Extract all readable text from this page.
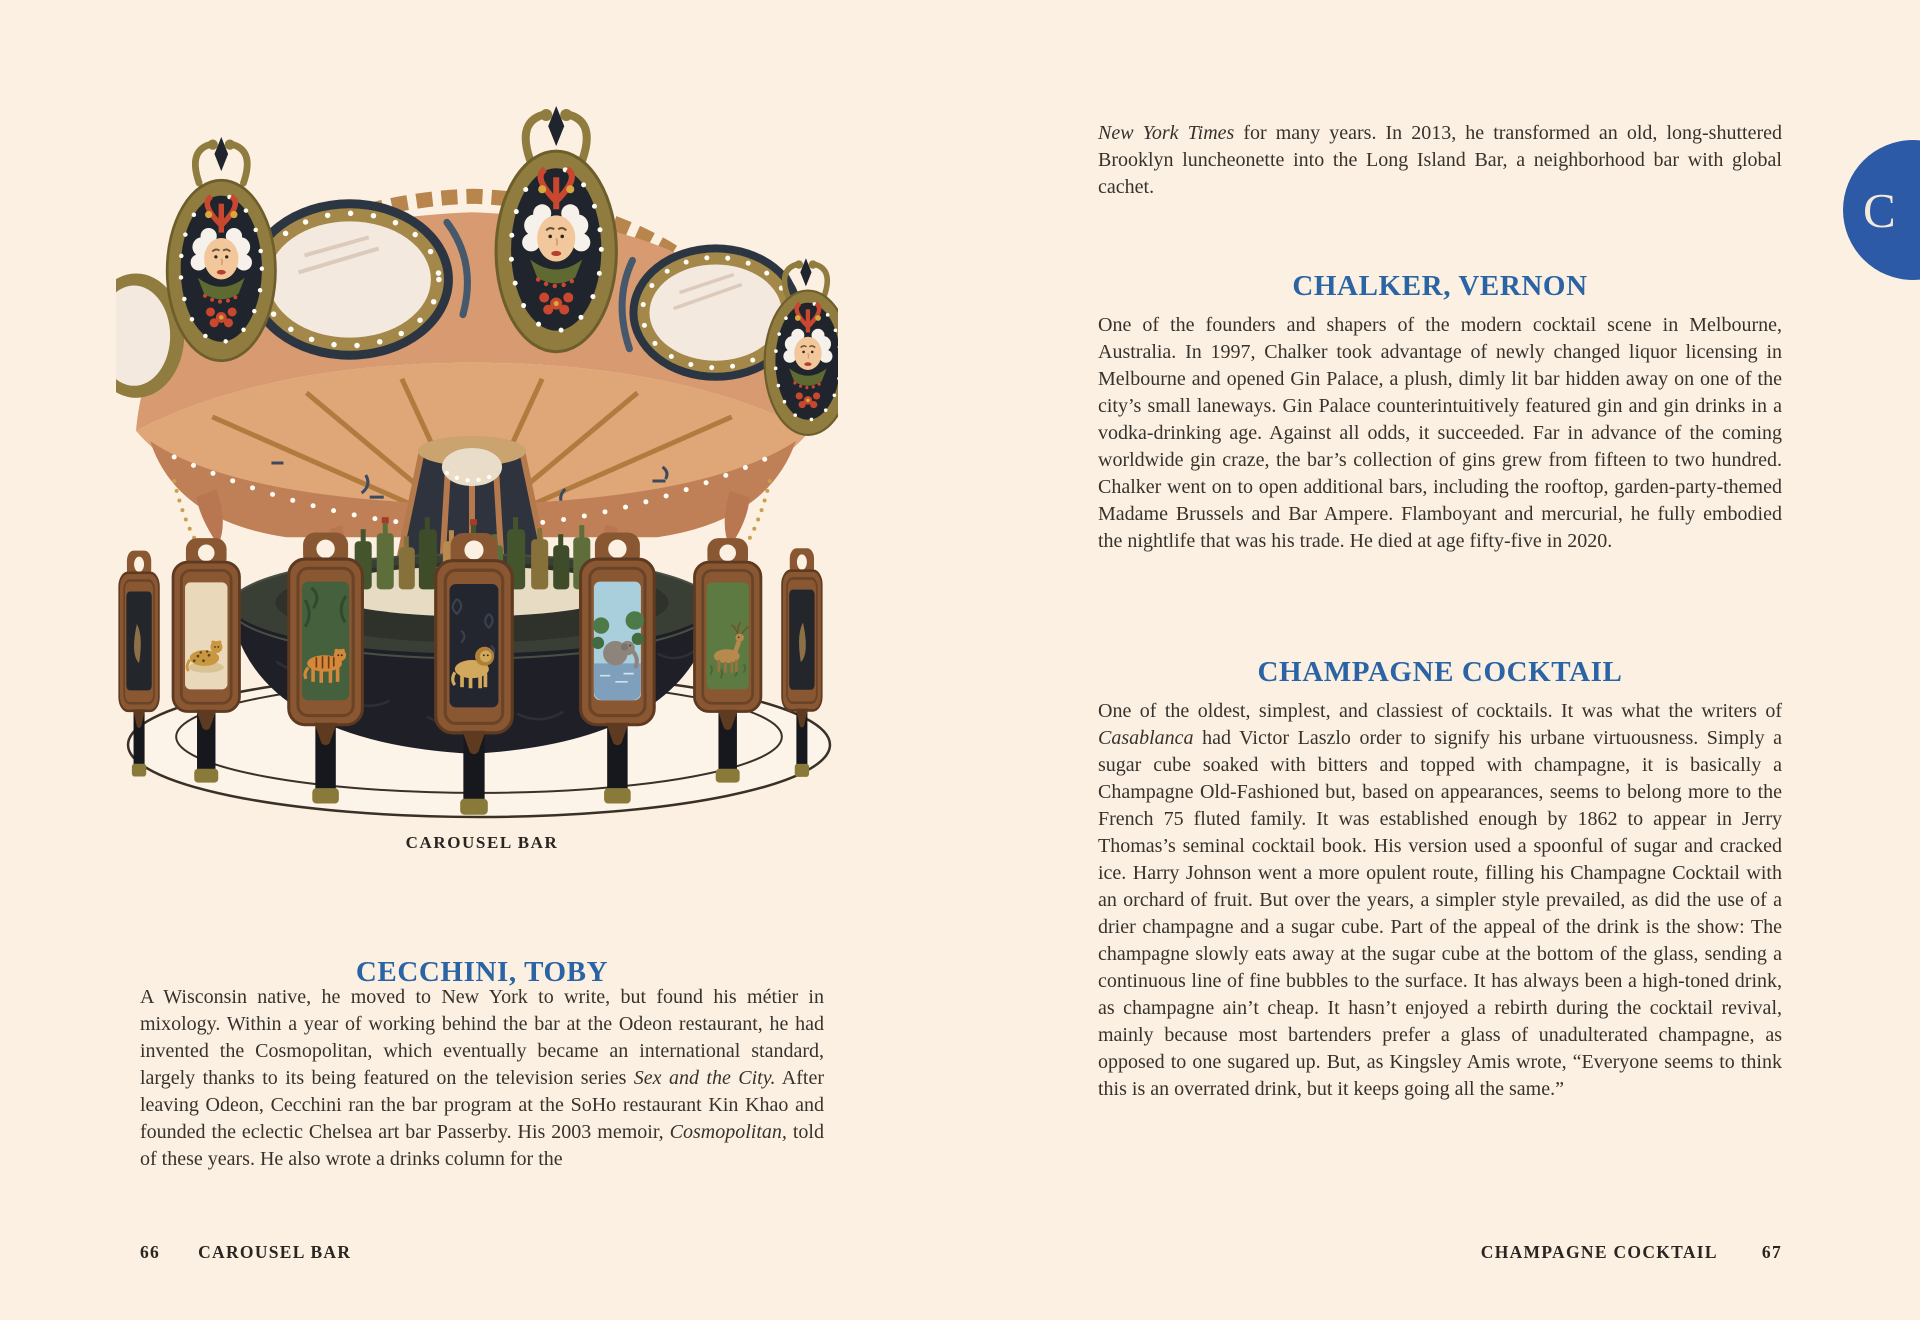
CAROUSEL BAR
CECCHINI, TOBY

A Wisconsin native, he moved to New York to write, but found his métier in mixology. Within a year of working behind the bar at the Odeon restaurant, he had invented the Cosmopolitan, which eventually became an international standard, largely thanks to its being featured on the television series Sex and the City. After leaving Odeon, Cecchini ran the bar program at the SoHo restaurant Kin Khao and founded the eclectic Chelsea art bar Passerby. His 2003 memoir, Cosmopolitan, told of these years. He also wrote a drinks column for the

66 CAROUSEL BAR

New York Times for many years. In 2013, he transformed an old, long-shuttered Brooklyn luncheonette into the Long Island Bar, a neighborhood bar with global cachet.

CHALKER, VERNON

One of the founders and shapers of the modern cocktail scene in Melbourne, Australia. In 1997, Chalker took advantage of newly changed liquor licensing in Melbourne and opened Gin Palace, a plush, dimly lit bar hidden away on one of the city’s small laneways. Gin Palace counterintuitively featured gin and gin drinks in a vodka-drinking age. Against all odds, it succeeded. Far in advance of the coming worldwide gin craze, the bar’s collection of gins grew from fifteen to two hundred. Chalker went on to open additional bars, including the rooftop, garden-party-themed Madame Brussels and Bar Ampere. Flamboyant and mercurial, he fully embodied the nightlife that was his trade. He died at age fifty-five in 2020.

CHAMPAGNE COCKTAIL

One of the oldest, simplest, and classiest of cocktails. It was what the writers of Casablanca had Victor Laszlo order to signify his urbane virtuousness. Simply a sugar cube soaked with bitters and topped with champagne, it is basically a Champagne Old-Fashioned but, based on appearances, seems to belong more to the French 75 fluted family. It was established enough by 1862 to appear in Jerry Thomas’s seminal cocktail book. His version used a spoonful of sugar and cracked ice. Harry Johnson went a more opulent route, filling his Champagne Cocktail with an orchard of fruit. But over the years, a simpler style prevailed, as did the use of a drier champagne and a sugar cube. Part of the appeal of the drink is the show: The champagne slowly eats away at the sugar cube at the bottom of the glass, sending a continuous line of fine bubbles to the surface. It has always been a high-toned drink, as champagne ain’t cheap. It hasn’t enjoyed a rebirth during the cocktail revival, mainly because most bartenders prefer a glass of unadulterated champagne, as opposed to one sugared up. But, as Kingsley Amis wrote, “Everyone seems to think this is an overrated drink, but it keeps going all the same.”

C
CHAMPAGNE COCKTAIL	67
